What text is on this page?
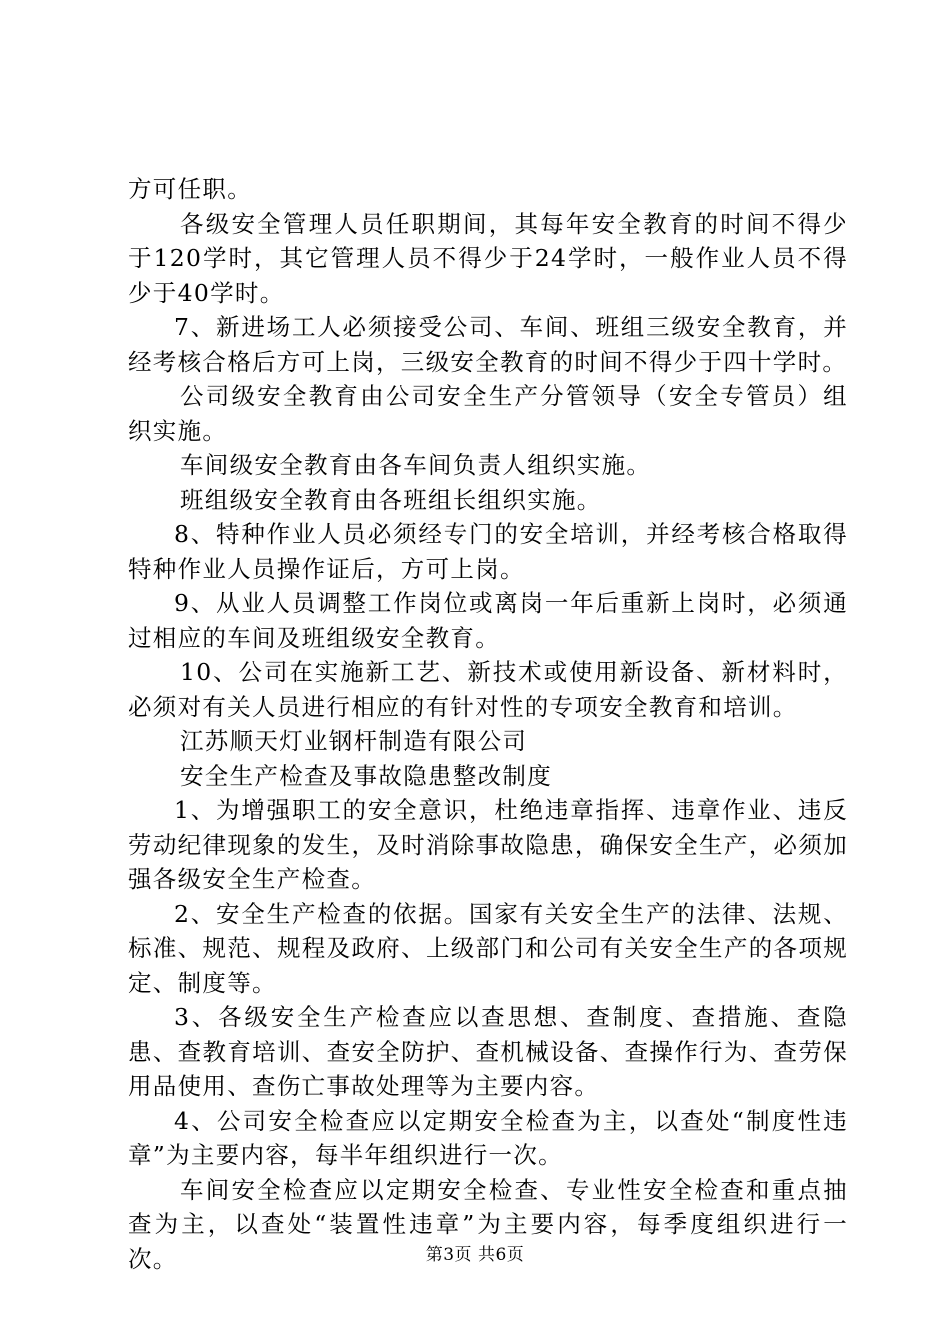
方可任职。

各级安全管理人员任职期间，其每年安全教育的时间不得少于120学时，其它管理人员不得少于24学时，一般作业人员不得少于40学时。

7、新进场工人必须接受公司、车间、班组三级安全教育，并经考核合格后方可上岗，三级安全教育的时间不得少于四十学时。

公司级安全教育由公司安全生产分管领导（安全专管员）组织实施。

车间级安全教育由各车间负责人组织实施。

班组级安全教育由各班组长组织实施。

8、特种作业人员必须经专门的安全培训，并经考核合格取得特种作业人员操作证后，方可上岗。

9、从业人员调整工作岗位或离岗一年后重新上岗时，必须通过相应的车间及班组级安全教育。

10、公司在实施新工艺、新技术或使用新设备、新材料时，必须对有关人员进行相应的有针对性的专项安全教育和培训。

江苏顺天灯业钢杆制造有限公司

安全生产检查及事故隐患整改制度

1、为增强职工的安全意识，杜绝违章指挥、违章作业、违反劳动纪律现象的发生，及时消除事故隐患，确保安全生产，必须加强各级安全生产检查。

2、安全生产检查的依据。国家有关安全生产的法律、法规、标准、规范、规程及政府、上级部门和公司有关安全生产的各项规定、制度等。

3、各级安全生产检查应以查思想、查制度、查措施、查隐患、查教育培训、查安全防护、查机械设备、查操作行为、查劳保用品使用、查伤亡事故处理等为主要内容。

4、公司安全检查应以定期安全检查为主，以查处“制度性违章”为主要内容，每半年组织进行一次。

车间安全检查应以定期安全检查、专业性安全检查和重点抽查为主，以查处“装置性违章”为主要内容，每季度组织进行一次。	第3页 共6页
